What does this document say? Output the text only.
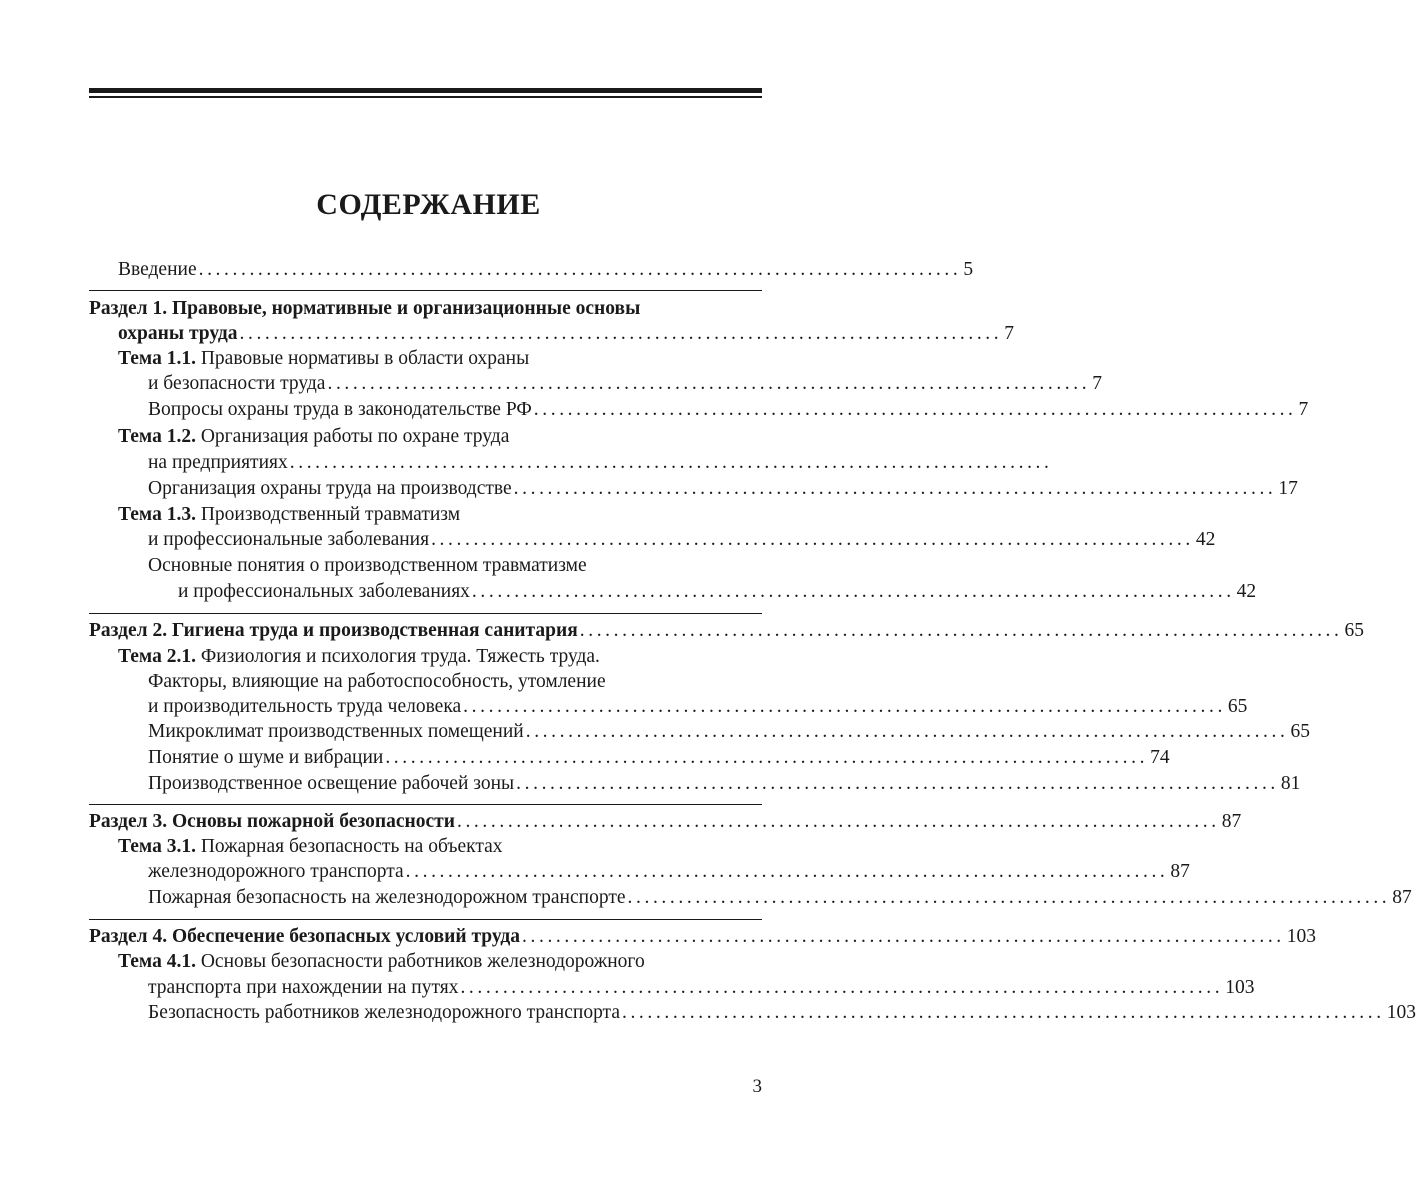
СОДЕРЖАНИЕ
Введение .......................................................................................... 5
Раздел 1. Правовые, нормативные и организационные основы
охраны труда .......................................................................................... 7
Тема 1.1. Правовые нормативы в области охраны
и безопасности труда .......................................................................................... 7
Вопросы охраны труда в законодательстве РФ .......................................................................................... 7
Тема 1.2. Организация работы по охране труда
на предприятиях ..........................................................................................
Организация охраны труда на производстве .......................................................................................... 17
Тема 1.3. Производственный травматизм
и профессиональные заболевания .......................................................................................... 42
Основные понятия о производственном травматизме
и профессиональных заболеваниях .......................................................................................... 42
Раздел 2. Гигиена труда и производственная санитария .......................................................................................... 65
Тема 2.1. Физиология и психология труда. Тяжесть труда.
Факторы, влияющие на работоспособность, утомление
и производительность труда человека .......................................................................................... 65
Микроклимат производственных помещений .......................................................................................... 65
Понятие о шуме и вибрации .......................................................................................... 74
Производственное освещение рабочей зоны .......................................................................................... 81
Раздел 3. Основы пожарной безопасности .......................................................................................... 87
Тема 3.1. Пожарная безопасность на объектах
железнодорожного транспорта .......................................................................................... 87
Пожарная безопасность на железнодорожном транспорте .......................................................................................... 87
Раздел 4. Обеспечение безопасных условий труда .......................................................................................... 103
Тема 4.1. Основы безопасности работников железнодорожного
транспорта при нахождении на путях .......................................................................................... 103
Безопасность работников железнодорожного транспорта .......................................................................................... 103
3
